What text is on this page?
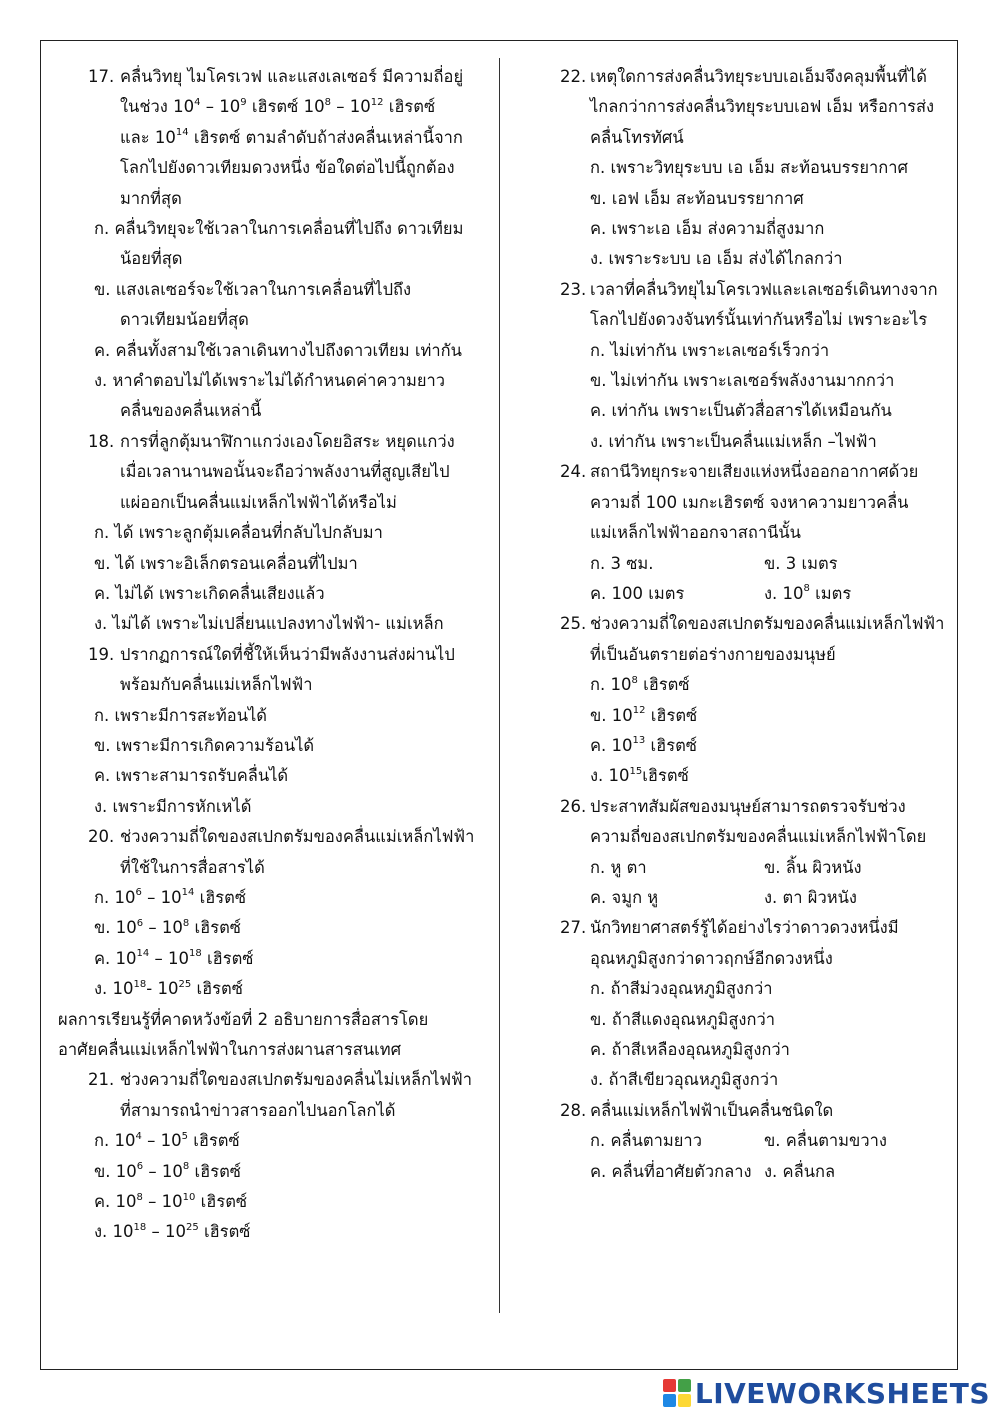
17. คลื่นวิทยุ ไมโครเวฟ และแสงเลเซอร์ มีความถี่อยู่
ในช่วง $10^4 - 10^9$ เฮิรตซ์ $10^8 - 10^{12}$ เฮิรตซ์
และ $10^{14}$ เฮิรตซ์ ตามลำดับถ้าส่งคลื่นเหล่านี้จาก
โลกไปยังดาวเทียมดวงหนึ่ง ข้อใดต่อไปนี้ถูกต้อง
มากที่สุด
ก. คลื่นวิทยุจะใช้เวลาในการเคลื่อนที่ไปถึง ดาวเทียมน้อยที่สุด
ข. แสงเลเซอร์จะใช้เวลาในการเคลื่อนที่ไปถึง ดาวเทียมน้อยที่สุด
ค. คลื่นทั้งสามใช้เวลาเดินทางไปถึงดาวเทียม เท่ากัน
ง. หาคำตอบไม่ได้เพราะไม่ได้กำหนดค่าความยาว คลื่นของคลื่นเหล่านี้
18. การที่ลูกตุ้มนาฬิกาแกว่งเองโดยอิสระ หยุดแกว่ง
เมื่อเวลานานพอนั้นจะถือว่าพลังงานที่สูญเสียไป
แผ่ออกเป็นคลื่นแม่เหล็กไฟฟ้าได้หรือไม่
ก. ได้ เพราะลูกตุ้มเคลื่อนที่กลับไปกลับมา
ข. ได้ เพราะอิเล็กตรอนเคลื่อนที่ไปมา
ค. ไม่ได้ เพราะเกิดคลื่นเสียงแล้ว
ง. ไม่ได้ เพราะไม่เปลี่ยนแปลงทางไฟฟ้า- แม่เหล็ก
19. ปรากฏการณ์ใดที่ชี้ให้เห็นว่ามีพลังงานส่งผ่านไป
พร้อมกับคลื่นแม่เหล็กไฟฟ้า
ก. เพราะมีการสะท้อนได้
ข. เพราะมีการเกิดความร้อนได้
ค. เพราะสามารถรับคลื่นได้
ง. เพราะมีการหักเหได้
20. ช่วงความถี่ใดของสเปกตรัมของคลื่นแม่เหล็กไฟฟ้า
ที่ใช้ในการสื่อสารได้
ก. $10^6 - 10^{14}$ เฮิรตซ์
ข. $10^6 - 10^8$ เฮิรตซ์
ค. $10^{14} - 10^{18}$ เฮิรตซ์
ง. $10^{18}-$ $10^{25}$ เฮิรตซ์
ผลการเรียนรู้ที่คาดหวังข้อที่ 2 อธิบายการสื่อสารโดย
อาศัยคลื่นแม่เหล็กไฟฟ้าในการส่งผานสารสนเทศ
21. ช่วงความถี่ใดของสเปกตรัมของคลื่นไม่เหล็กไฟฟ้า
ที่สามารถนำข่าวสารออกไปนอกโลกได้
ก. $10^4 - 10^5$ เฮิรตซ์
ข. $10^6 - 10^8$ เฮิรตซ์
ค. $10^8 - 10^{10}$ เฮิรตซ์
ง. $10^{18} - 10^{25}$ เฮิรตซ์
22. เหตุใดการส่งคลื่นวิทยุระบบเอเอ็มจึงคลุมพื้นที่ได้
ไกลกว่าการส่งคลื่นวิทยุระบบเอฟ เอ็ม หรือการส่ง
คลื่นโทรทัศน์
ก. เพราะวิทยุระบบ เอ เอ็ม สะท้อนบรรยากาศ
ข. เอฟ เอ็ม สะท้อนบรรยากาศ
ค. เพราะเอ เอ็ม ส่งความถี่สูงมาก
ง. เพราะระบบ เอ เอ็ม ส่งได้ไกลกว่า
23. เวลาที่คลื่นวิทยุไมโครเวฟและเลเซอร์เดินทางจาก
โลกไปยังดวงจันทร์นั้นเท่ากันหรือไม่ เพราะอะไร
ก. ไม่เท่ากัน เพราะเลเซอร์เร็วกว่า
ข. ไม่เท่ากัน เพราะเลเซอร์พลังงานมากกว่า
ค. เท่ากัน เพราะเป็นตัวสื่อสารได้เหมือนกัน
ง. เท่ากัน เพราะเป็นคลื่นแม่เหล็ก –ไฟฟ้า
24. สถานีวิทยุกระจายเสียงแห่งหนึ่งออกอากาศด้วย
ความถี่ 100 เมกะเฮิรตซ์ จงหาความยาวคลื่น
แม่เหล็กไฟฟ้าออกจาสถานีนั้น
ก. 3 ซม.	ข. 3 เมตร
ค. 100 เมตร	ง. $10^8$ เมตร
25. ช่วงความถี่ใดของสเปกตรัมของคลื่นแม่เหล็กไฟฟ้า
ที่เป็นอันตรายต่อร่างกายของมนุษย์
ก. $10^8$ เฮิรตซ์
ข. $10^{12}$ เฮิรตซ์
ค. $10^{13}$ เฮิรตซ์
ง. $10^{15}$เฮิรตซ์
26. ประสาทสัมผัสของมนุษย์สามารถตรวจรับช่วง
ความถี่ของสเปกตรัมของคลื่นแม่เหล็กไฟฟ้าโดย
ก. หู ตา	ข. ลิ้น ผิวหนัง
ค. จมูก หู	ง. ตา ผิวหนัง
27. นักวิทยาศาสตร์รู้ได้อย่างไรว่าดาวดวงหนึ่งมี
อุณหภูมิสูงกว่าดาวฤกษ์อีกดวงหนึ่ง
ก. ถ้าสีม่วงอุณหภูมิสูงกว่า
ข. ถ้าสีแดงอุณหภูมิสูงกว่า
ค. ถ้าสีเหลืองอุณหภูมิสูงกว่า
ง. ถ้าสีเขียวอุณหภูมิสูงกว่า
28. คลื่นแม่เหล็กไฟฟ้าเป็นคลื่นชนิดใด
ก. คลื่นตามยาว	ข. คลื่นตามขวาง
ค. คลื่นที่อาศัยตัวกลาง ง. คลื่นกล
LIVEWORKSHEETS
